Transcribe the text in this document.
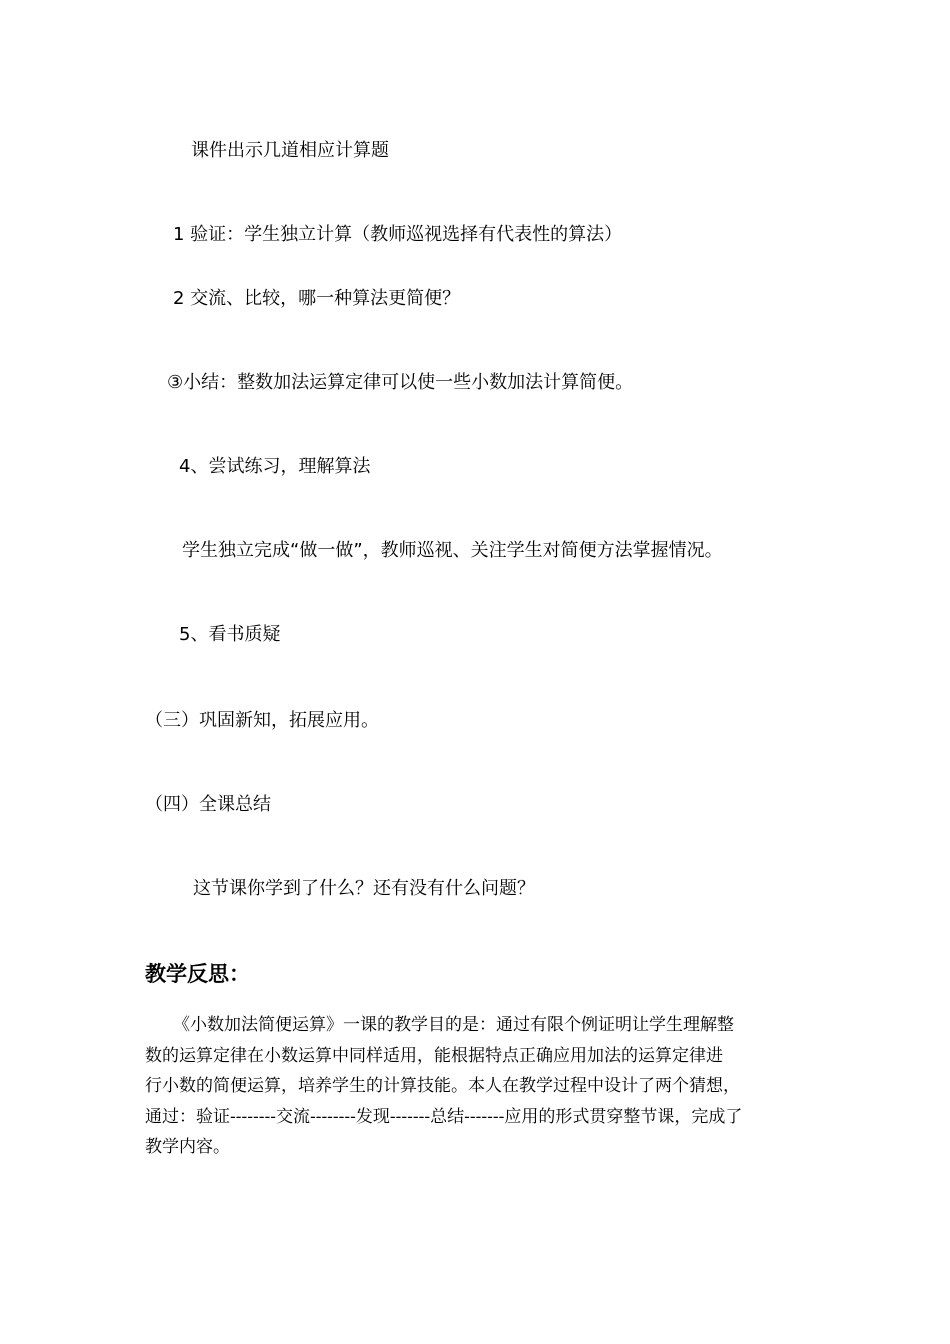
课件出示几道相应计算题
1 验证：学生独立计算（教师巡视选择有代表性的算法）
2 交流、比较，哪一种算法更简便？
③小结：整数加法运算定律可以使一些小数加法计算简便。
4、尝试练习，理解算法
学生独立完成“做一做”，教师巡视、关注学生对简便方法掌握情况。
5、看书质疑
（三）巩固新知，拓展应用。
（四）全课总结
这节课你学到了什么？还有没有什么问题？
教学反思：
《小数加法简便运算》一课的教学目的是：通过有限个例证明让学生理解整
数的运算定律在小数运算中同样适用，能根据特点正确应用加法的运算定律进
行小数的简便运算，培养学生的计算技能。本人在教学过程中设计了两个猜想，
通过：验证--------交流--------发现-------总结-------应用的形式贯穿整节课，完成了
教学内容。
